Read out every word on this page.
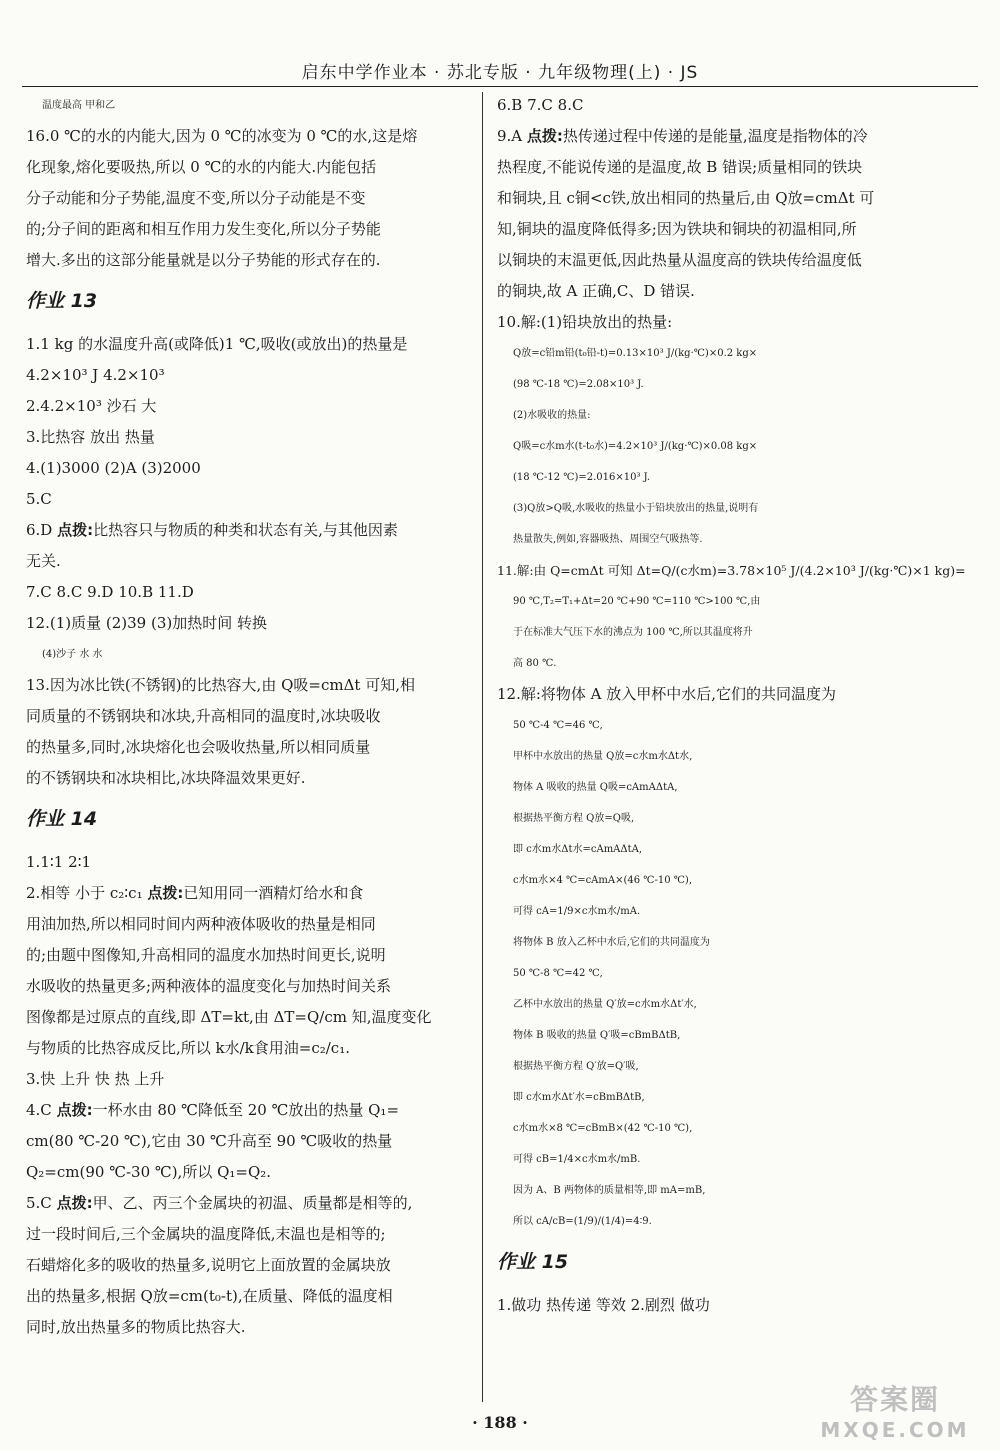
启东中学作业本 · 苏北专版 · 九年级物理(上) · JS
温度最高 甲和乙
16.0 ℃的水的内能大,因为 0 ℃的冰变为 0 ℃的水,这是熔
化现象,熔化要吸热,所以 0 ℃的水的内能大.内能包括
分子动能和分子势能,温度不变,所以分子动能是不变
的;分子间的距离和相互作用力发生变化,所以分子势能
增大.多出的这部分能量就是以分子势能的形式存在的.
作业 13
1.1 kg 的水温度升高(或降低)1 ℃,吸收(或放出)的热量是
4.2×10³ J 4.2×10³
2.4.2×10³ 沙石 大
3.比热容 放出 热量
4.(1)3000 (2)A (3)2000
5.C
6.D 点拨:比热容只与物质的种类和状态有关,与其他因素
无关.
7.C 8.C 9.D 10.B 11.D
12.(1)质量 (2)39 (3)加热时间 转换
(4)沙子 水 水
13.因为冰比铁(不锈钢)的比热容大,由 Q吸=cmΔt 可知,相
同质量的不锈钢块和冰块,升高相同的温度时,冰块吸收
的热量多,同时,冰块熔化也会吸收热量,所以相同质量
的不锈钢块和冰块相比,冰块降温效果更好.
作业 14
1.1∶1 2∶1
2.相等 小于 c₂∶c₁ 点拨:已知用同一酒精灯给水和食
用油加热,所以相同时间内两种液体吸收的热量是相同
的;由题中图像知,升高相同的温度水加热时间更长,说明
水吸收的热量更多;两种液体的温度变化与加热时间关系
图像都是过原点的直线,即 ΔT=kt,由 ΔT=Q/cm 知,温度变化
与物质的比热容成反比,所以 k水/k食用油=c₂/c₁.
3.快 上升 快 热 上升
4.C 点拨:一杯水由 80 ℃降低至 20 ℃放出的热量 Q₁=
cm(80 ℃-20 ℃),它由 30 ℃升高至 90 ℃吸收的热量
Q₂=cm(90 ℃-30 ℃),所以 Q₁=Q₂.
5.C 点拨:甲、乙、丙三个金属块的初温、质量都是相等的,
过一段时间后,三个金属块的温度降低,末温也是相等的;
石蜡熔化多的吸收的热量多,说明它上面放置的金属块放
出的热量多,根据 Q放=cm(t₀-t),在质量、降低的温度相
同时,放出热量多的物质比热容大.
6.B 7.C 8.C
9.A 点拨:热传递过程中传递的是能量,温度是指物体的冷
热程度,不能说传递的是温度,故 B 错误;质量相同的铁块
和铜块,且 c铜<c铁,放出相同的热量后,由 Q放=cmΔt 可
知,铜块的温度降低得多;因为铁块和铜块的初温相同,所
以铜块的末温更低,因此热量从温度高的铁块传给温度低
的铜块,故 A 正确,C、D 错误.
10.解:(1)铅块放出的热量:
Q放=c铅m铅(t₀铅-t)=0.13×10³ J/(kg·℃)×0.2 kg×
(98 ℃-18 ℃)=2.08×10³ J.
(2)水吸收的热量:
Q吸=c水m水(t-t₀水)=4.2×10³ J/(kg·℃)×0.08 kg×
(18 ℃-12 ℃)=2.016×10³ J.
(3)Q放>Q吸,水吸收的热量小于铅块放出的热量,说明有
热量散失,例如,容器吸热、周围空气吸热等.
11.解:由 Q=cmΔt 可知 Δt=Q/(c水m)=3.78×10⁵ J/(4.2×10³ J/(kg·℃)×1 kg)=
90 ℃,T₂=T₁+Δt=20 ℃+90 ℃=110 ℃>100 ℃,由
于在标准大气压下水的沸点为 100 ℃,所以其温度将升
高 80 ℃.
12.解:将物体 A 放入甲杯中水后,它们的共同温度为
50 ℃-4 ℃=46 ℃,
甲杯中水放出的热量 Q放=c水m水Δt水,
物体 A 吸收的热量 Q吸=cAmAΔtA,
根据热平衡方程 Q放=Q吸,
即 c水m水Δt水=cAmAΔtA,
c水m水×4 ℃=cAmA×(46 ℃-10 ℃),
可得 cA=1/9×c水m水/mA.
将物体 B 放入乙杯中水后,它们的共同温度为
50 ℃-8 ℃=42 ℃,
乙杯中水放出的热量 Q′放=c水m水Δt′水,
物体 B 吸收的热量 Q′吸=cBmBΔtB,
根据热平衡方程 Q′放=Q′吸,
即 c水m水Δt′水=cBmBΔtB,
c水m水×8 ℃=cBmB×(42 ℃-10 ℃),
可得 cB=1/4×c水m水/mB.
因为 A、B 两物体的质量相等,即 mA=mB,
所以 cA/cB=(1/9)/(1/4)=4∶9.
作业 15
1.做功 热传递 等效 2.剧烈 做功
· 188 ·
答案圈
MXQE.COM
